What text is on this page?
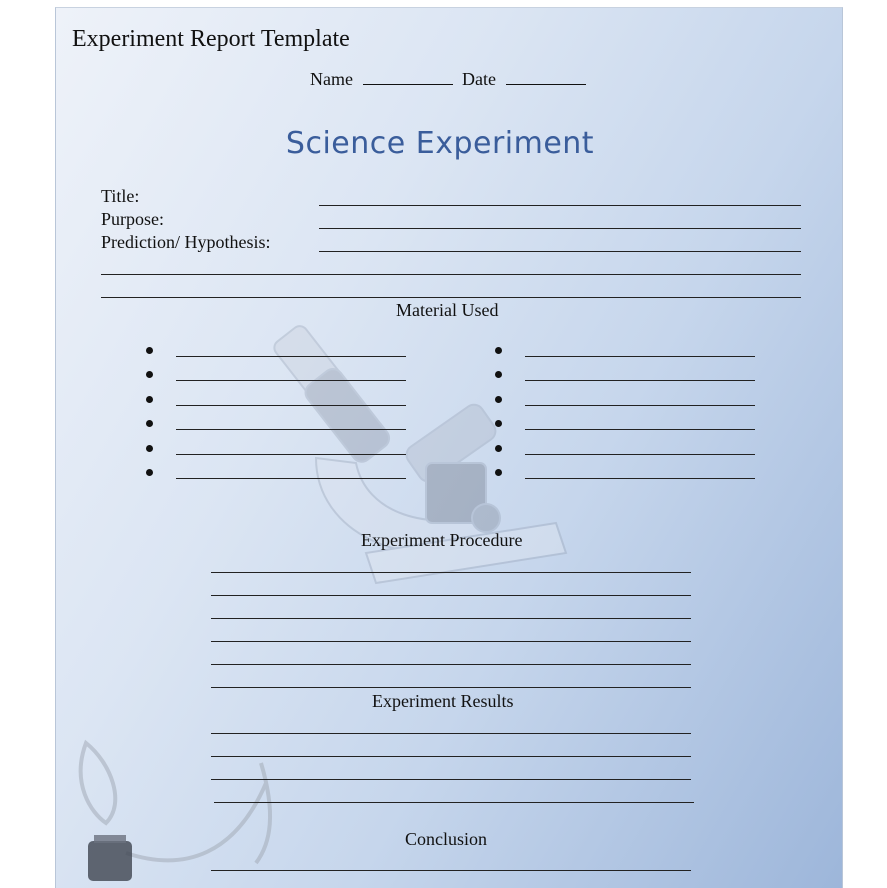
Experiment Report Template
Name	Date
Science Experiment
Title:
Purpose:
Prediction/ Hypothesis:
Material Used
Experiment Procedure
Experiment Results
Conclusion
